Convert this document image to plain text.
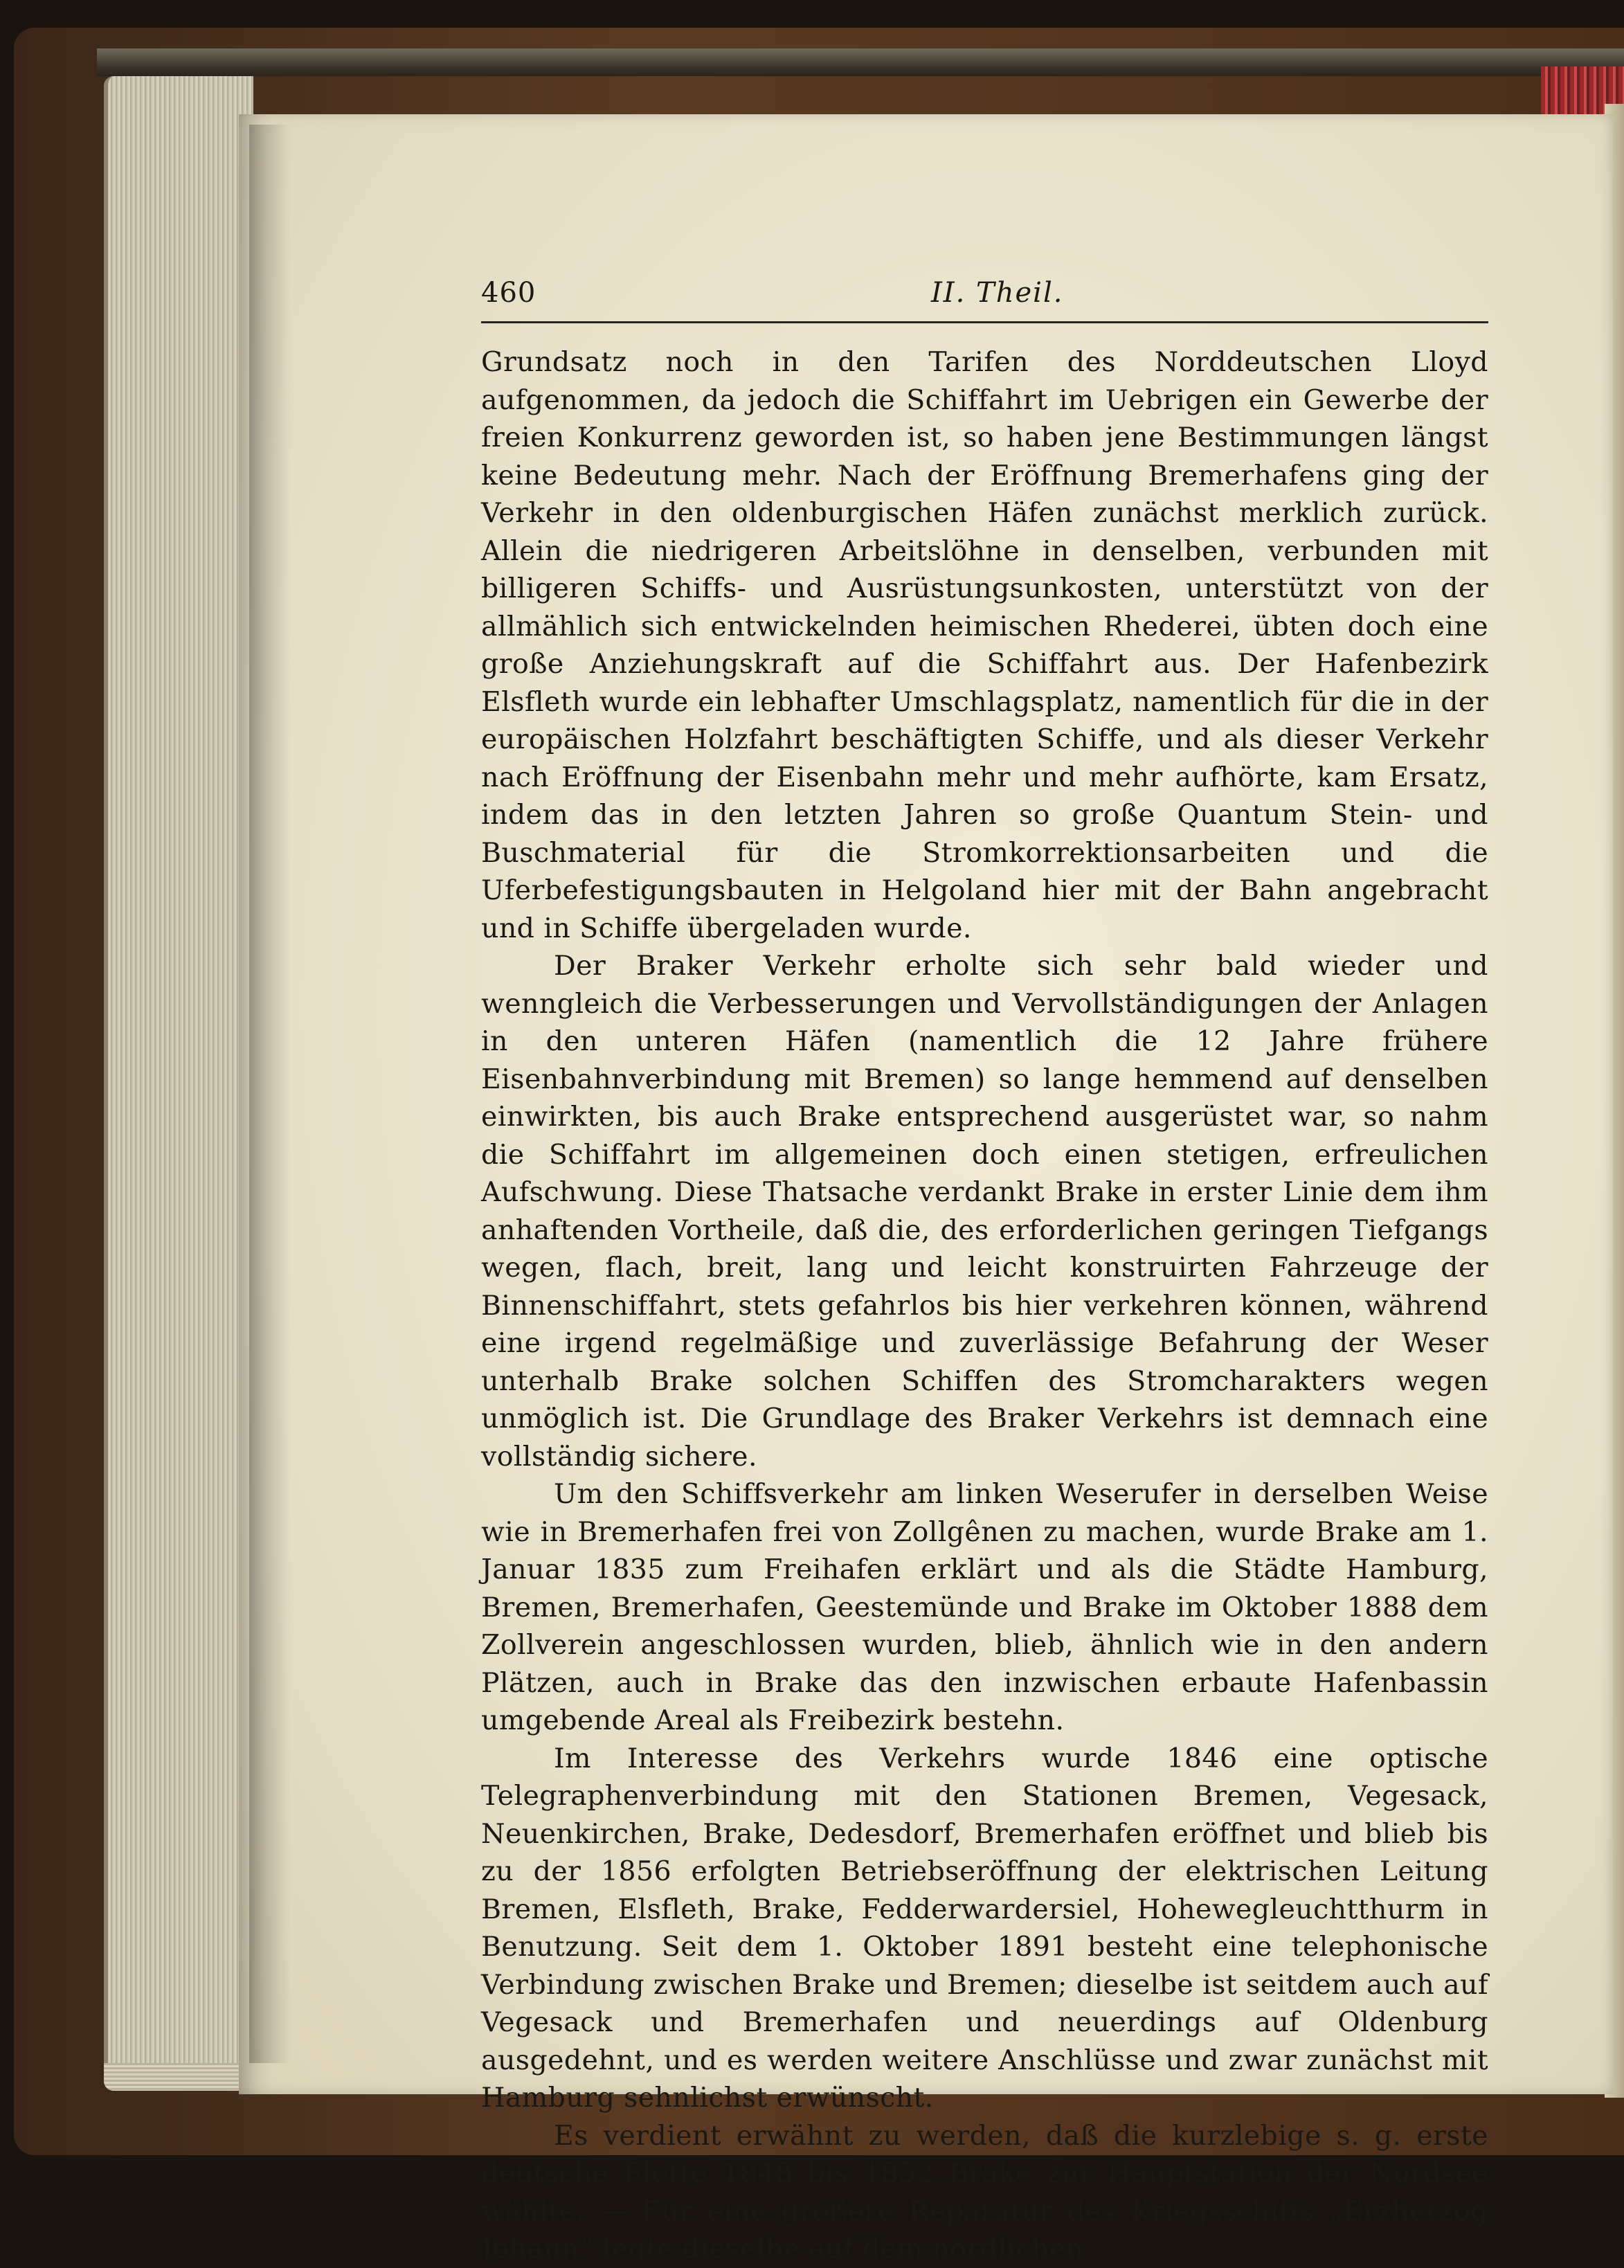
460	II. Theil.

Grundsatz noch in den Tarifen des Norddeutschen Lloyd aufgenommen, da jedoch die Schiffahrt im Uebrigen ein Gewerbe der freien Konkurrenz geworden ist, so haben jene Bestimmungen längst keine Bedeutung mehr. Nach der Eröffnung Bremerhafens ging der Verkehr in den oldenburgischen Häfen zunächst merklich zurück. Allein die niedrigeren Arbeitslöhne in denselben, verbunden mit billigeren Schiffs- und Ausrüstungsunkosten, unterstützt von der allmählich sich entwickelnden heimischen Rhederei, übten doch eine große Anziehungskraft auf die Schiffahrt aus. Der Hafenbezirk Elsfleth wurde ein lebhafter Umschlagsplatz, namentlich für die in der europäischen Holzfahrt beschäftigten Schiffe, und als dieser Verkehr nach Eröffnung der Eisenbahn mehr und mehr aufhörte, kam Ersatz, indem das in den letzten Jahren so große Quantum Stein- und Buschmaterial für die Stromkorrektionsarbeiten und die Uferbefestigungsbauten in Helgoland hier mit der Bahn angebracht und in Schiffe übergeladen wurde.

Der Braker Verkehr erholte sich sehr bald wieder und wenngleich die Verbesserungen und Vervollständigungen der Anlagen in den unteren Häfen (namentlich die 12 Jahre frühere Eisenbahnverbindung mit Bremen) so lange hemmend auf denselben einwirkten, bis auch Brake entsprechend ausgerüstet war, so nahm die Schiffahrt im allgemeinen doch einen stetigen, erfreulichen Aufschwung. Diese Thatsache verdankt Brake in erster Linie dem ihm anhaftenden Vortheile, daß die, des erforderlichen geringen Tiefgangs wegen, flach, breit, lang und leicht konstruirten Fahrzeuge der Binnenschiffahrt, stets gefahrlos bis hier verkehren können, während eine irgend regelmäßige und zuverlässige Befahrung der Weser unterhalb Brake solchen Schiffen des Stromcharakters wegen unmöglich ist. Die Grundlage des Braker Verkehrs ist demnach eine vollständig sichere.

Um den Schiffsverkehr am linken Weserufer in derselben Weise wie in Bremerhafen frei von Zollgênen zu machen, wurde Brake am 1. Januar 1835 zum Freihafen erklärt und als die Städte Hamburg, Bremen, Bremerhafen, Geestemünde und Brake im Oktober 1888 dem Zollverein angeschlossen wurden, blieb, ähnlich wie in den andern Plätzen, auch in Brake das den inzwischen erbaute Hafenbassin umgebende Areal als Freibezirk bestehn.

Im Interesse des Verkehrs wurde 1846 eine optische Telegraphenverbindung mit den Stationen Bremen, Vegesack, Neuenkirchen, Brake, Dedesdorf, Bremerhafen eröffnet und blieb bis zu der 1856 erfolgten Betriebseröffnung der elektrischen Leitung Bremen, Elsfleth, Brake, Fedderwardersiel, Hohewegleuchtthurm in Benutzung. Seit dem 1. Oktober 1891 besteht eine telephonische Verbindung zwischen Brake und Bremen; dieselbe ist seitdem auch auf Vegesack und Bremerhafen und neuerdings auf Oldenburg ausgedehnt, und es werden weitere Anschlüsse und zwar zunächst mit Hamburg sehnlichst erwünscht.

Es verdient erwähnt zu werden, daß die kurzlebige s. g. erste deutsche Flotte 1848 bis 1852 Brake zur Hauptstation der Nordsee wählte. — Für eine größere Reparatur des Kriegsschiffs „Erzherzog Johann“ legte dieselbe auf dem nördlichen
